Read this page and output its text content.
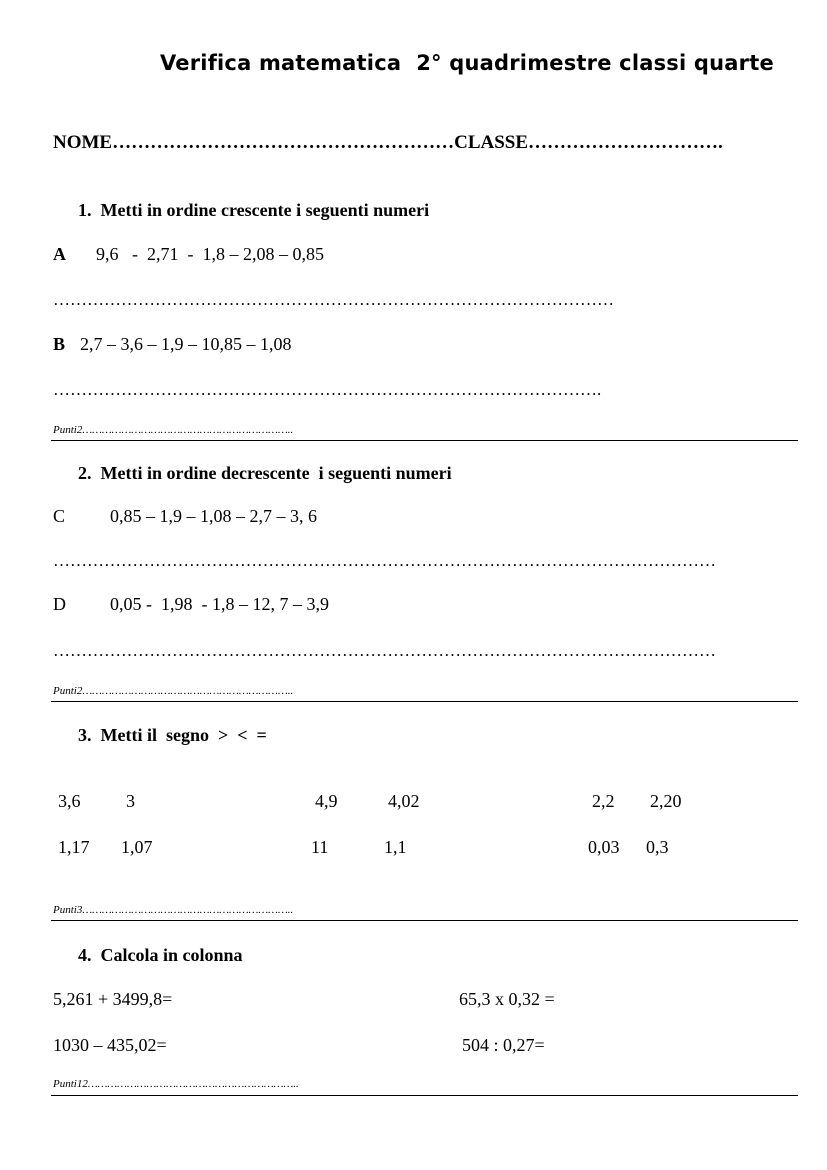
Verifica matematica  2° quadrimestre classi quarte
NOME………………………………………………CLASSE………………………….
1.  Metti in ordine crescente i seguenti numeri
A 9,6   -  2,71  -  1,8 – 2,08 – 0,85
………………………………………………………………………………………
B 2,7 – 3,6 – 1,9 – 10,85 – 1,08
…………………………………………………………………………………….
Punti2………………………………………………………..
2.  Metti in ordine decrescente  i seguenti numeri
C 0,85 – 1,9 – 1,08 – 2,7 – 3, 6
………………………………………………………………………………………………………
D 0,05 -  1,98  - 1,8 – 12, 7 – 3,9
………………………………………………………………………………………………………
Punti2………………………………………………………..
3.  Metti il  segno  >  <  =
3,6	3	4,9	4,02	2,2 2,20
1,17 1,07	11	1,1	0,03 0,3
Punti3………………………………………………………..
4.  Calcola in colonna
5,261 + 3499,8=	65,3 x 0,32 =
1030 – 435,02=	504 : 0,27=
Punti12………………………………………………………..
